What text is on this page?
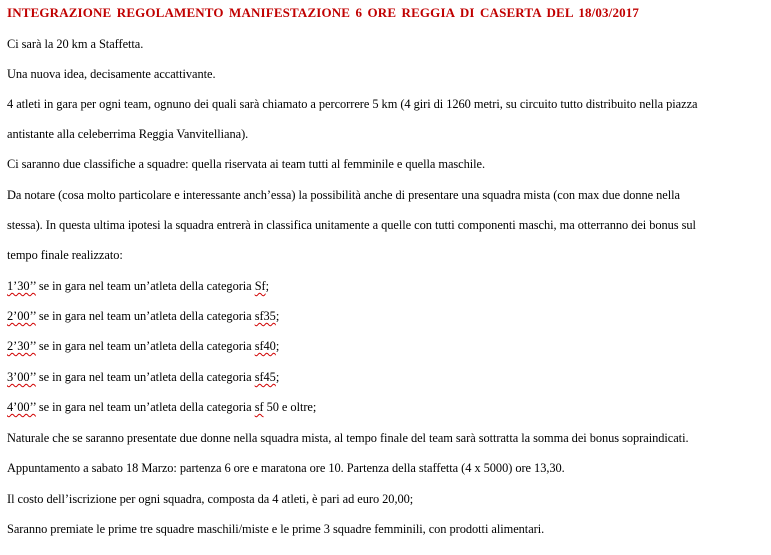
INTEGRAZIONE REGOLAMENTO MANIFESTAZIONE 6 ORE REGGIA DI CASERTA DEL 18/03/2017
Ci sarà la 20 km a Staffetta.
Una nuova idea, decisamente accattivante.
4 atleti in gara per ogni team, ognuno dei quali sarà chiamato a percorrere 5 km (4 giri di 1260 metri, su circuito tutto distribuito nella piazza
antistante alla celeberrima Reggia Vanvitelliana).
Ci saranno due classifiche a squadre: quella riservata ai team tutti al femminile e quella maschile.
Da notare (cosa molto particolare e interessante anch’essa) la possibilità anche di presentare una squadra mista (con max due donne nella
stessa). In questa ultima ipotesi la squadra entrerà in classifica unitamente a quelle con tutti componenti maschi, ma otterranno dei bonus sul
tempo finale realizzato:
1’30’’ se in gara nel team un’atleta della categoria Sf;
2’00’’ se in gara nel team un’atleta della categoria sf35;
2’30’’ se in gara nel team un’atleta della categoria sf40;
3’00’’ se in gara nel team un’atleta della categoria sf45;
4’00’’ se in gara nel team un’atleta della categoria sf 50 e oltre;
Naturale che se saranno presentate due donne nella squadra mista, al tempo finale del team sarà sottratta la somma dei bonus sopraindicati.
Appuntamento a sabato 18 Marzo: partenza 6 ore e maratona ore 10. Partenza della staffetta (4 x 5000) ore 13,30.
Il costo dell’iscrizione per ogni squadra, composta da 4 atleti, è pari ad euro 20,00;
Saranno premiate le prime tre squadre maschili/miste e le prime 3 squadre femminili, con prodotti alimentari.
